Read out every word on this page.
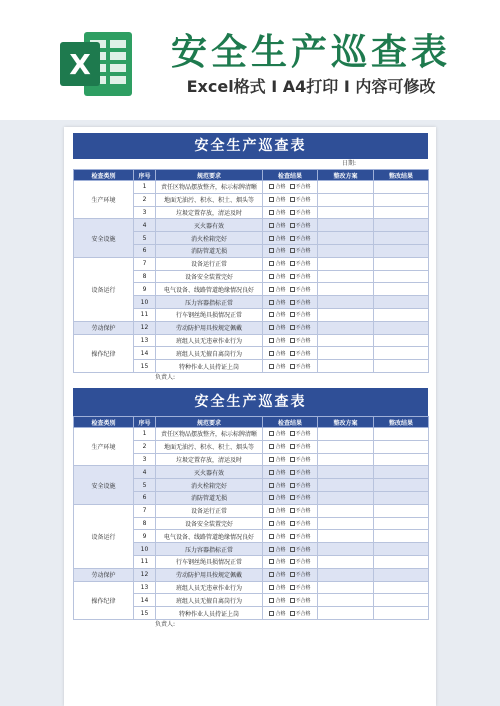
X	安全生产巡查表
Excel格式 I A4打印 I 内容可修改
安全生产巡查表
日期:
检查类别	序号	规范要求	检查结果	整改方案	整改结果
生产环境	1	责任区物品摆放整齐，标示标牌清晰	合格 不合格		

	2	地面无油污、积水、积土、烟头等	合格 不合格		

	3	垃圾定置存放，清运及时	合格 不合格		

安全设施	4	灭火器有效	合格 不合格		

	5	消火栓箱完好	合格 不合格		

	6	消防管道无损	合格 不合格		

设备运行	7	设备运行正常	合格 不合格		

	8	设备安全装置完好	合格 不合格		

	9	电气设备、线路管道绝缘情况良好	合格 不合格		

	10	压力容器指标正常	合格 不合格		

	11	行车钢丝绳具损情况正常	合格 不合格		

劳动保护	12	劳动防护用具按规定佩戴	合格 不合格		

操作纪律	13	班组人员无违章作业行为	合格 不合格		

	14	班组人员无擅自离岗行为	合格 不合格		

	15	特种作业人员持证上岗	合格 不合格		

负责人:
安全生产巡查表
检查类别	序号	规范要求	检查结果	整改方案	整改结果
生产环境	1	责任区物品摆放整齐，标示标牌清晰	合格 不合格		

	2	地面无油污、积水、积土、烟头等	合格 不合格		

	3	垃圾定置存放，清运及时	合格 不合格		

安全设施	4	灭火器有效	合格 不合格		

	5	消火栓箱完好	合格 不合格		

	6	消防管道无损	合格 不合格		

设备运行	7	设备运行正常	合格 不合格		

	8	设备安全装置完好	合格 不合格		

	9	电气设备、线路管道绝缘情况良好	合格 不合格		

	10	压力容器指标正常	合格 不合格		

	11	行车钢丝绳具损情况正常	合格 不合格		

劳动保护	12	劳动防护用具按规定佩戴	合格 不合格		

操作纪律	13	班组人员无违章作业行为	合格 不合格		

	14	班组人员无擅自离岗行为	合格 不合格		

	15	特种作业人员持证上岗	合格 不合格		

负责人:
